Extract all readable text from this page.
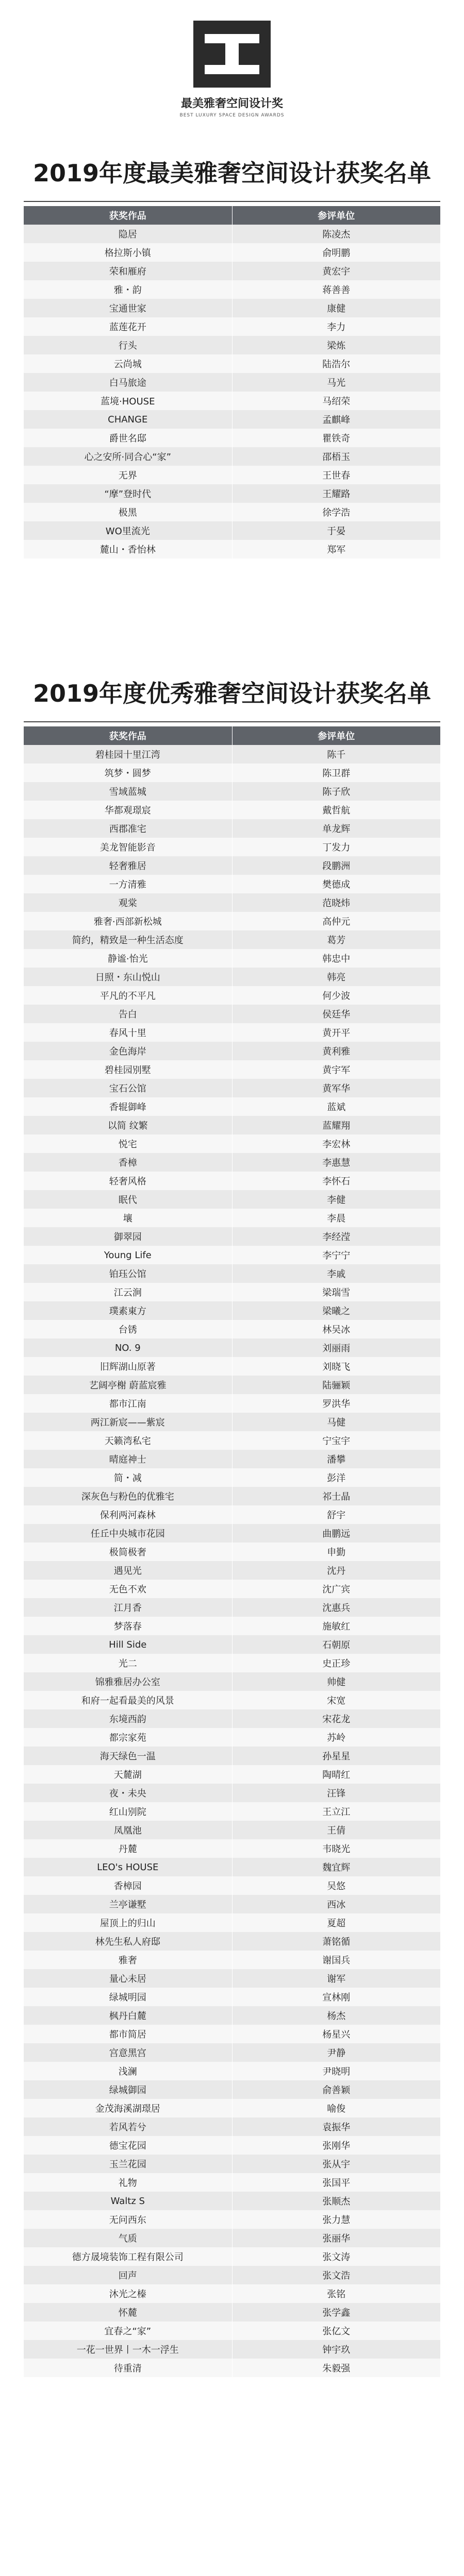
最美雅奢空间设计奖
BEST LUXURY SPACE DESIGN AWARDS
2019年度最美雅奢空间设计获奖名单
获奖作品	参评单位
隐居	陈凌杰
格拉斯小镇	俞明鹏
荣和雁府	黄宏宇
雅・韵	蒋善善
宝通世家	康健
蓝莲花开	李力
行头	梁炼
云尚城	陆浩尔
白马旅途	马光
蓝境·HOUSE	马绍荣
CHANGE	孟麒峰
爵世名邸	瞿铁奇
心之安所·同合心“家”	邵梧玉
无界	王世春
“摩”登时代	王耀路
极黑	徐学浩
WO里流光	于晏
麓山・香怡林	郑军
2019年度优秀雅奢空间设计获奖名单
获奖作品	参评单位
碧桂园十里江湾	陈千
筑梦・圆梦	陈卫群
雪域蓝城	陈子欣
华都观璟宸	戴哲航
西郡准宅	单龙辉
美龙智能影音	丁发力
轻奢雅居	段鹏洲
一方清雅	樊德成
观棠	范晓炜
雅奢·西部新松城	高仲元
简约，精致是一种生活态度	葛芳
静谧·怡光	韩忠中
日照・东山悦山	韩亮
平凡的不平凡	何少波
告白	侯廷华
春风十里	黄开平
金色海岸	黄利雅
碧桂园别墅	黄宇军
宝石公馆	黄军华
香辊御峰	蓝斌
以简 纹繁	蓝耀翔
悦宅	李宏林
香樟	李惠慧
轻奢风格	李怀石
眠代	李健
壤	李晨
御翠园	李经滢
Young Life	李宁宁
铂珏公馆	李戚
江云涧	梁瑞雪
璞素東方	梁曦之
台锈	林吴冰
NO. 9	刘丽雨
旧辉湖山原著	刘晓飞
艺阔亭榭 蔚蓝宸雅	陆骊颖
都市江南	罗洪华
两江新宸——紫宸	马健
天籁湾私宅	宁宝宇
晴庭神士	潘攀
简・减	彭洋
深灰色与粉色的优雅宅	祁士晶
保利两河森林	舒宇
任丘中央城市花园	曲鹏远
极简极奢	申勤
遇见光	沈丹
无色不欢	沈广宾
江月香	沈惠兵
梦落春	施敏红
Hill Side	石朝原
光二	史正珍
锦雅雅居办公室	帅健
和府一起看最美的风景	宋宽
东境西韵	宋花龙
都宗家苑	苏岭
海天绿色一温	孙星星
天麓湖	陶晴红
夜・未央	汪锋
红山别院	王立江
凤凰池	王倩
丹麓	韦晓光
LEO's HOUSE	魏宜辉
香樟园	吴悠
兰亭谦墅	西冰
屋顶上的归山	夏超
林先生私人府邸	萧铭循
雅奢	谢国兵
量心未居	谢军
绿城明园	宣林刚
枫丹白麓	杨杰
都市简居	杨星兴
宫意黑宫	尹静
浅澜	尹晓明
绿城御园	俞善颖
金茂海溪湖璟居	喻俊
若风若兮	袁振华
德宝花园	张刚华
玉兰花园	张从宇
礼物	张国平
Waltz S	张顺杰
无问西东	张力慧
气质	张丽华
德方晟境装饰工程有限公司	张文涛
回声	张文浩
沐光之榛	张铭
怀麓	张学鑫
宜春之“家”	张亿文
一花一世界丨一木一浮生	钟宇玖
待重清	朱毅强
